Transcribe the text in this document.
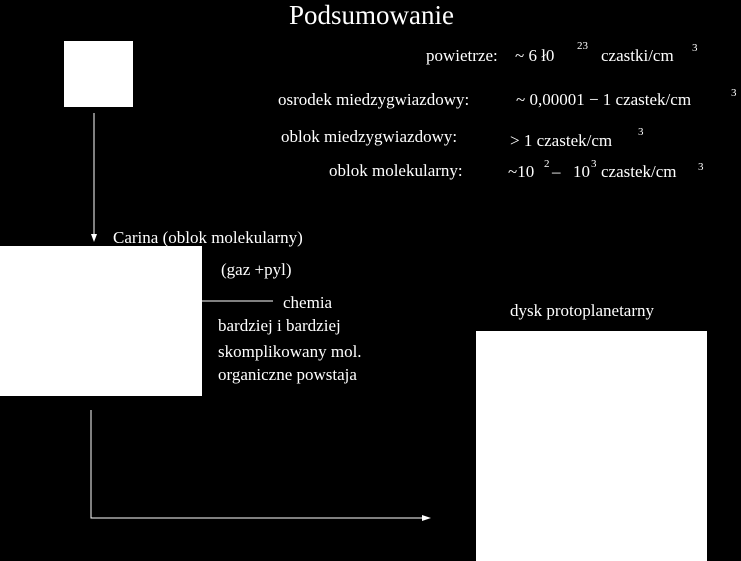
Podsumowanie
powietrze: ~ 6 ł0 23 czastki/cm 3
osrodek miedzygwiazdowy:	~ 0,00001 − 1 czastek/cm	3
oblok miedzygwiazdowy:	> 1 czastek/cm 3
oblok molekularny:	~10 2 – 10 3 czastek/cm 3
Carina (oblok molekularny)
(gaz +pyl)
chemia
bardziej i bardziej
skomplikowany mol.
organiczne powstaja
dysk protoplanetarny
